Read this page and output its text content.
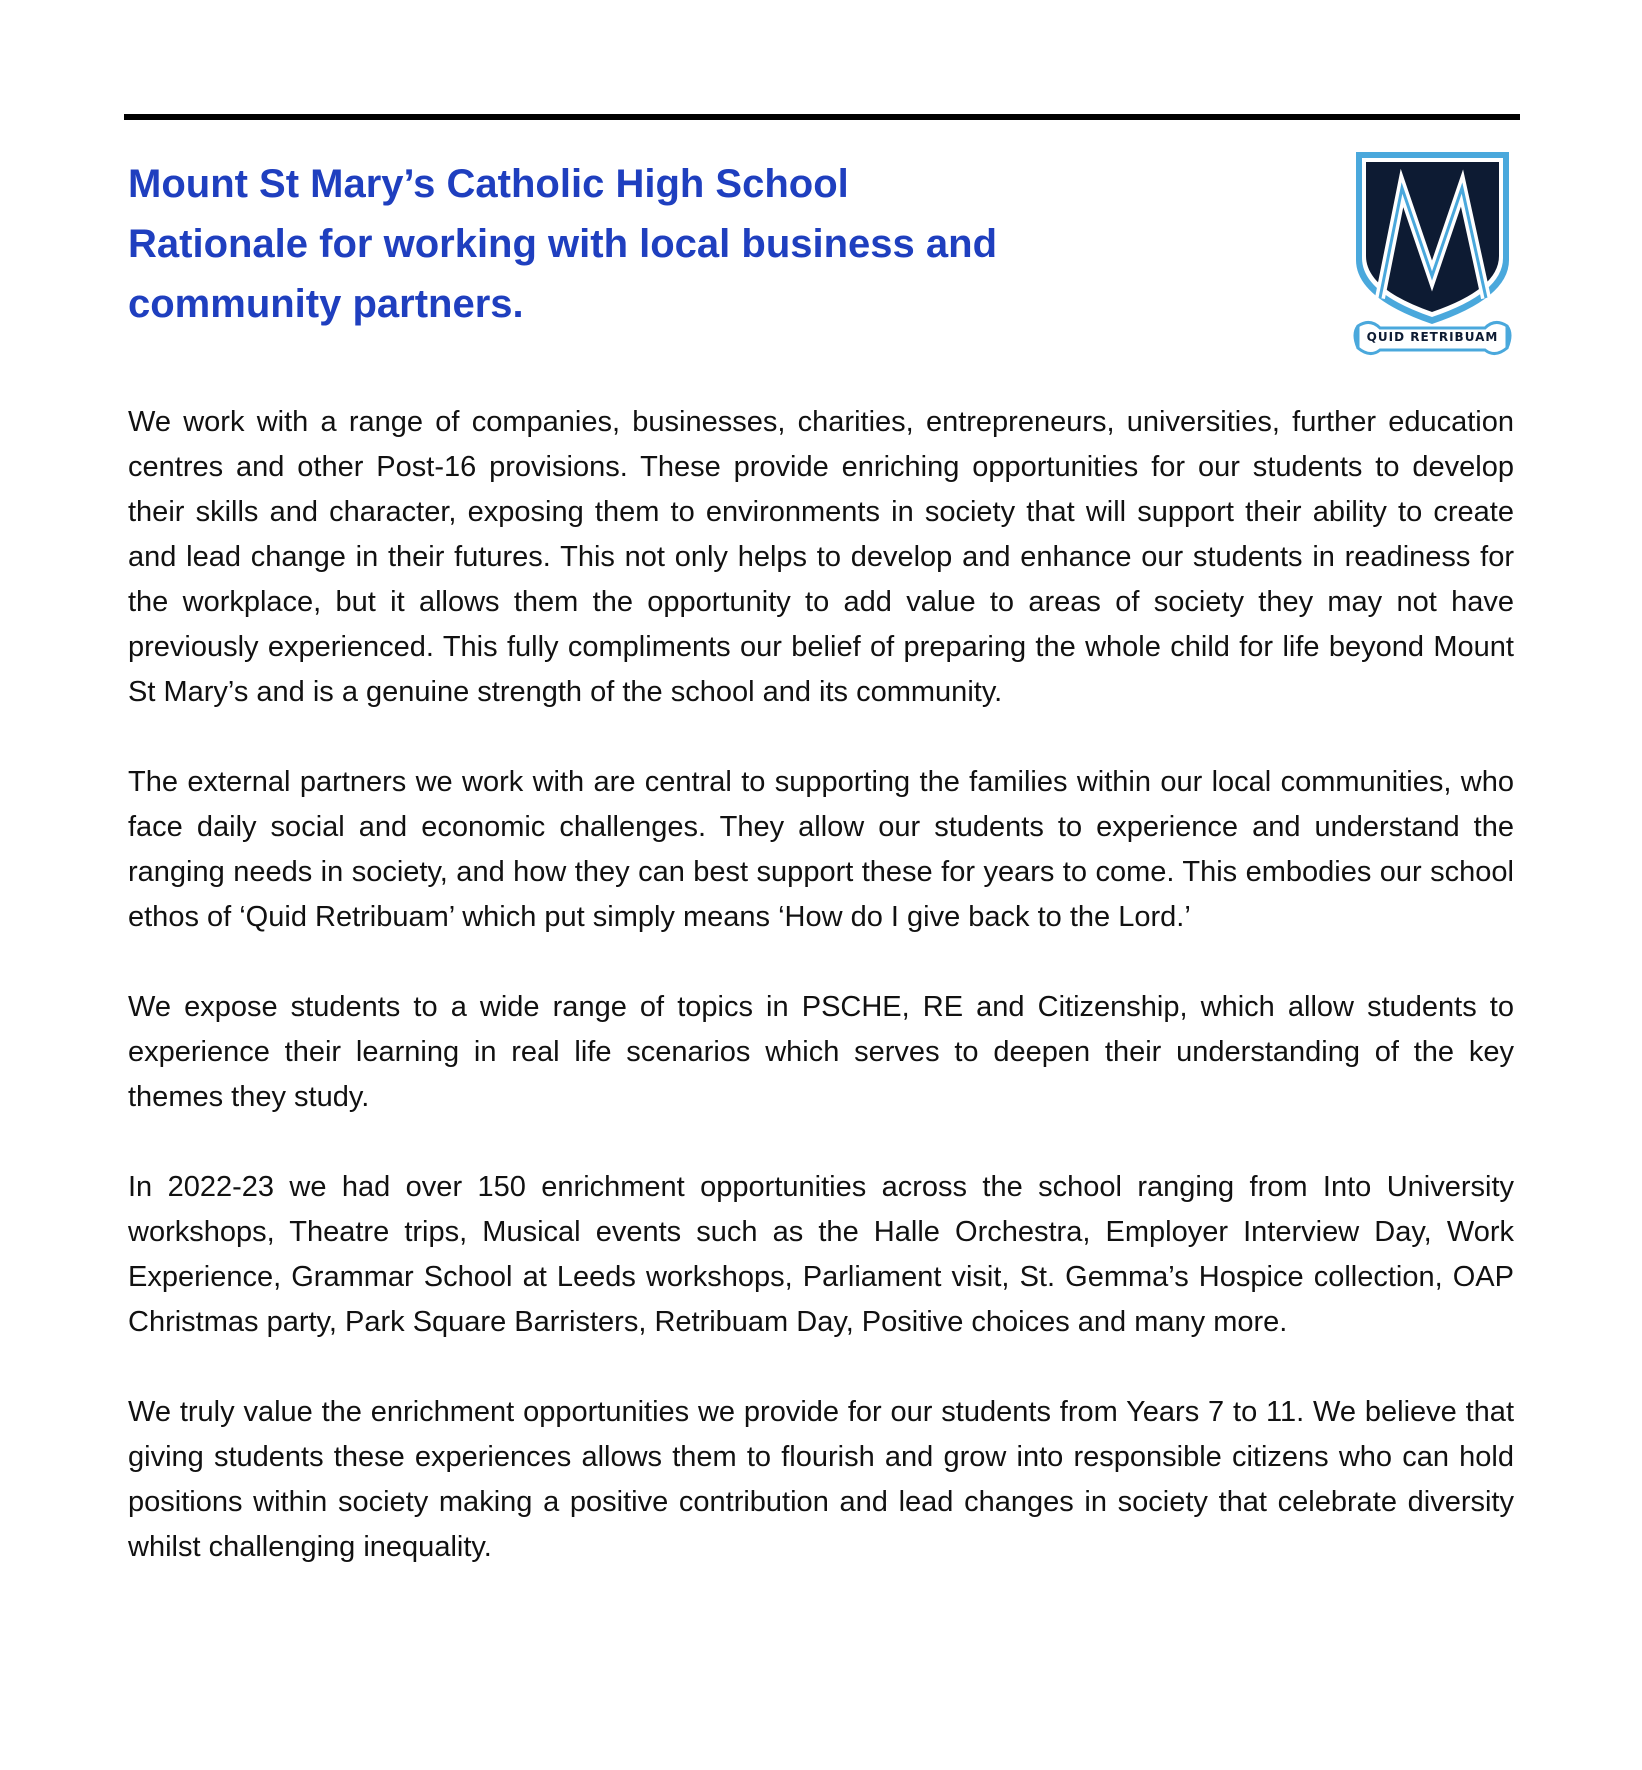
Mount St Mary’s Catholic High School

Rationale for working with local business and

community partners.

QUID RETRIBUAM

We work with a range of companies, businesses, charities, entrepreneurs, universities, further education centres and other Post-16 provisions. These provide enriching opportunities for our students to develop their skills and character, exposing them to environments in society that will support their ability to create and lead change in their futures. This not only helps to develop and enhance our students in readiness for the workplace, but it allows them the opportunity to add value to areas of society they may not have previously experienced. This fully compliments our belief of preparing the whole child for life beyond Mount St Mary’s and is a genuine strength of the school and its community.

The external partners we work with are central to supporting the families within our local communities, who face daily social and economic challenges. They allow our students to experience and understand the ranging needs in society, and how they can best support these for years to come. This embodies our school ethos of ‘Quid Retribuam’ which put simply means ‘How do I give back to the Lord.’

We expose students to a wide range of topics in PSCHE, RE and Citizenship, which allow students to experience their learning in real life scenarios which serves to deepen their understanding of the key themes they study.

In 2022-23 we had over 150 enrichment opportunities across the school ranging from Into University workshops, Theatre trips, Musical events such as the Halle Orchestra, Employer Interview Day, Work Experience, Grammar School at Leeds workshops, Parliament visit, St. Gemma’s Hospice collection, OAP Christmas party, Park Square Barristers, Retribuam Day, Positive choices and many more.

We truly value the enrichment opportunities we provide for our students from Years 7 to 11. We believe that giving students these experiences allows them to flourish and grow into responsible citizens who can hold positions within society making a positive contribution and lead changes in society that celebrate diversity whilst challenging inequality.
